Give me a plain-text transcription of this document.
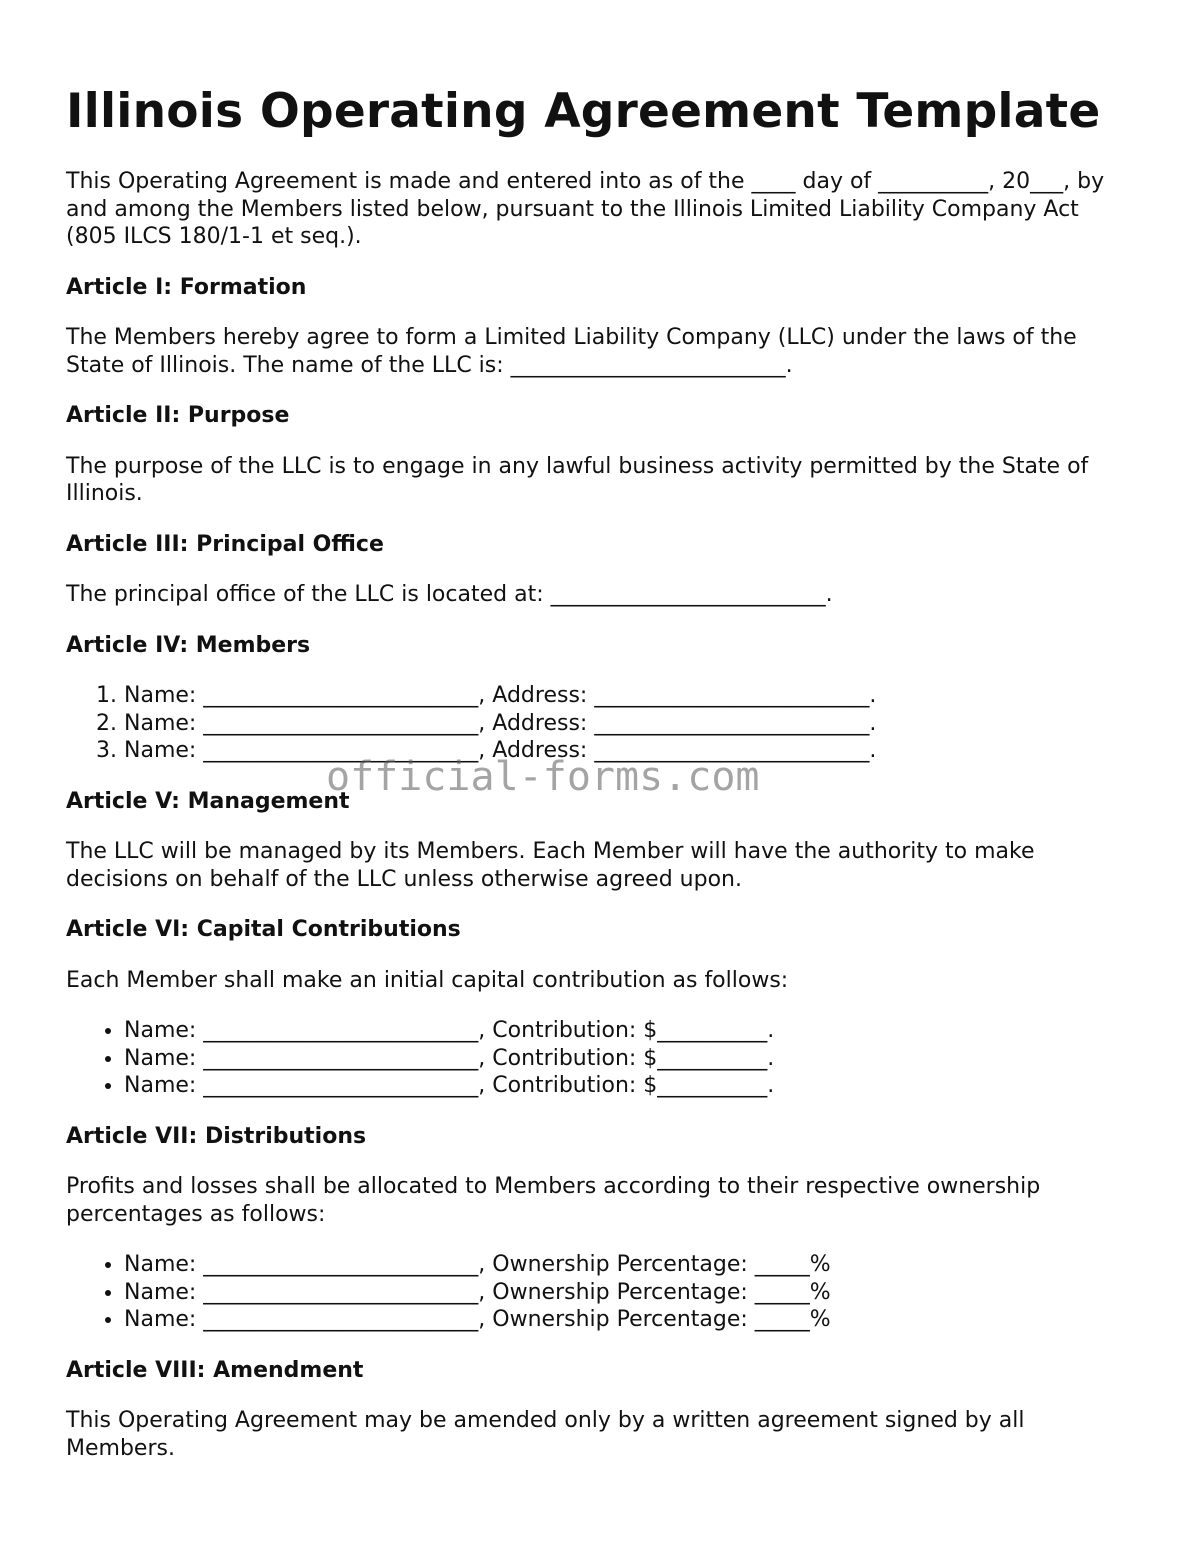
Illinois Operating Agreement Template

This Operating Agreement is made and entered into as of the ____ day of __________, 20___, by and among the Members listed below, pursuant to the Illinois Limited Liability Company Act (805 ILCS 180/1-1 et seq.).

Article I: Formation

The Members hereby agree to form a Limited Liability Company (LLC) under the laws of the State of Illinois. The name of the LLC is: _________________________.

Article II: Purpose

The purpose of the LLC is to engage in any lawful business activity permitted by the State of Illinois.

Article III: Principal Office

The principal office of the LLC is located at: _________________________.

Article IV: Members
1. Name: _________________________, Address: _________________________.
2. Name: _________________________, Address: _________________________.
3. Name: _________________________, Address: _________________________.
Article V: Management

The LLC will be managed by its Members. Each Member will have the authority to make decisions on behalf of the LLC unless otherwise agreed upon.

Article VI: Capital Contributions

Each Member shall make an initial capital contribution as follows:

• Name: _________________________, Contribution: $__________.
• Name: _________________________, Contribution: $__________.
• Name: _________________________, Contribution: $__________.
Article VII: Distributions

Profits and losses shall be allocated to Members according to their respective ownership percentages as follows:

• Name: _________________________, Ownership Percentage: _____%
• Name: _________________________, Ownership Percentage: _____%
• Name: _________________________, Ownership Percentage: _____%
Article VIII: Amendment

This Operating Agreement may be amended only by a written agreement signed by all Members.

official-forms.com
